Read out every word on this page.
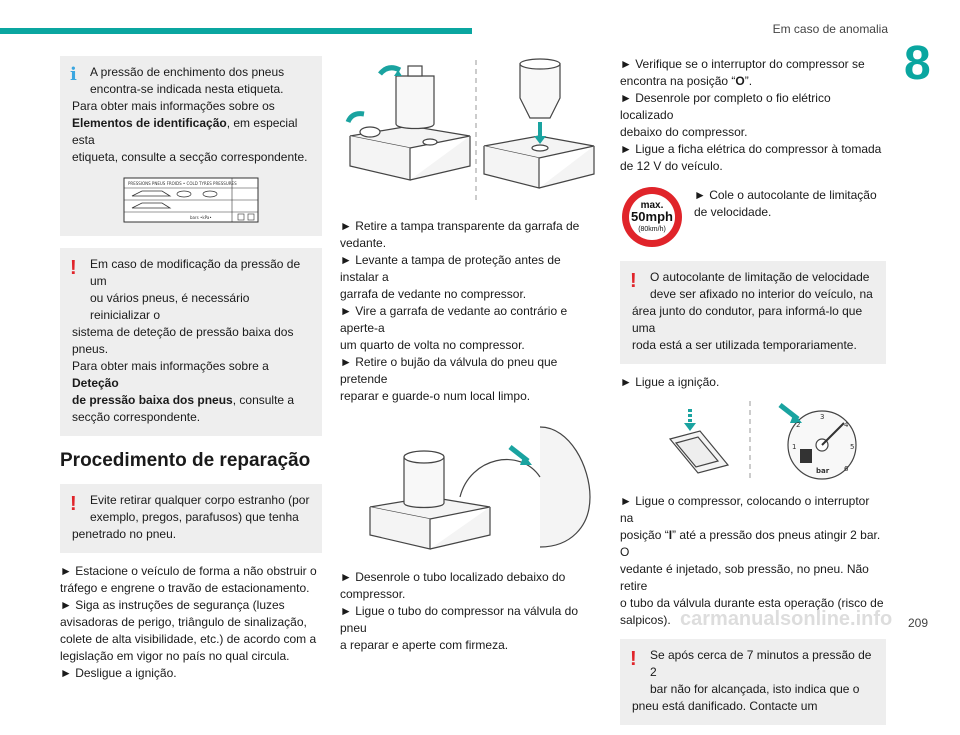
Em caso de anomalia
8
209
i	A pressão de enchimento dos pneus

encontra-se indicada nesta etiqueta.

Para obter mais informações sobre os

Elementos de identificação, em especial esta

etiqueta, consulte a secção correspondente.

PRESSIONS PNEUS FROIDS • COLD TYRES PRESSURES
bars •kPa•
!	Em caso de modificação da pressão de um

ou vários pneus, é necessário reinicializar o

sistema de deteção de pressão baixa dos pneus.

Para obter mais informações sobre a Deteção

de pressão baixa dos pneus, consulte a

secção correspondente.

Procedimento de reparação
!	Evite retirar qualquer corpo estranho (por

exemplo, pregos, parafusos) que tenha

penetrado no pneu.

► Estacione o veículo de forma a não obstruir o

tráfego e engrene o travão de estacionamento.

► Siga as instruções de segurança (luzes

avisadoras de perigo, triângulo de sinalização,

colete de alta visibilidade, etc.) de acordo com a

legislação em vigor no país no qual circula.

► Desligue a ignição.

► Retire a tampa transparente da garrafa de

vedante.

► Levante a tampa de proteção antes de instalar a

garrafa de vedante no compressor.

► Vire a garrafa de vedante ao contrário e aperte-a

um quarto de volta no compressor.

► Retire o bujão da válvula do pneu que pretende

reparar e guarde-o num local limpo.

► Desenrole o tubo localizado debaixo do

compressor.

► Ligue o tubo do compressor na válvula do pneu

a reparar e aperte com firmeza.

► Verifique se o interruptor do compressor se

encontra na posição “O”.

► Desenrole por completo o fio elétrico localizado

debaixo do compressor.

► Ligue a ficha elétrica do compressor à tomada

de 12 V do veículo.

max.
50mph
(80km/h)

► Cole o autocolante de limitação

de velocidade.

!	O autocolante de limitação de velocidade

deve ser afixado no interior do veículo, na

área junto do condutor, para informá-lo que uma

roda está a ser utilizada temporariamente.

► Ligue a ignição.

1
2
3
4
5
6
bar

► Ligue o compressor, colocando o interruptor na

posição “I” até a pressão dos pneus atingir 2 bar. O

vedante é injetado, sob pressão, no pneu. Não retire

o tubo da válvula durante esta operação (risco de

salpicos).

!	Se após cerca de 7 minutos a pressão de 2

bar não for alcançada, isto indica que o

pneu está danificado. Contacte um

carmanualsonline.info
